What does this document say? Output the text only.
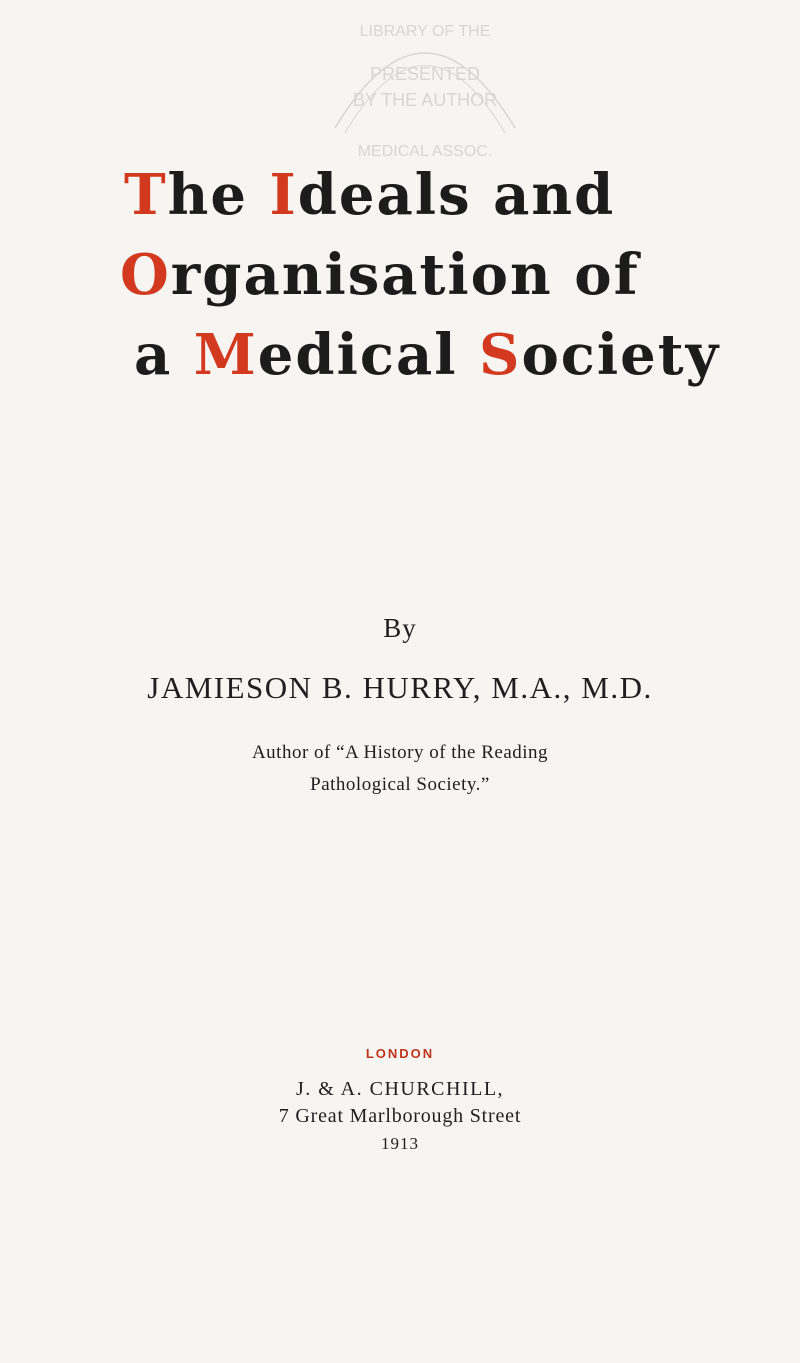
PRESENTED
BY THE AUTHOR
LIBRARY OF THE
MEDICAL ASSOC.
The Ideals and
Organisation of
a Medical Society
By
JAMIESON B. HURRY, M.A., M.D.
Author of “A History of the Reading
Pathological Society.”
LONDON
J. & A. CHURCHILL,
7 Great Marlborough Street
1913
